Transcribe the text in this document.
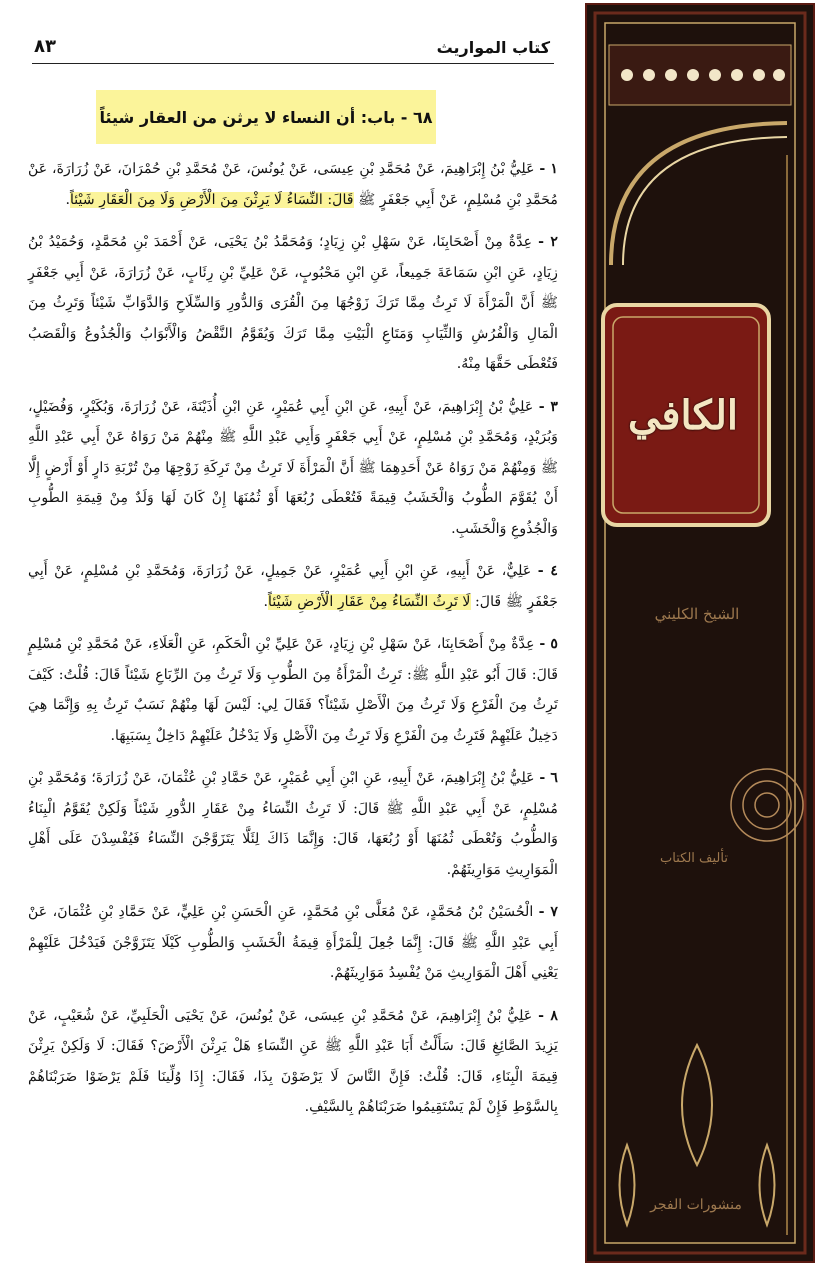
٨٣	كتاب المواريث
٦٨ - باب: أن النساء لا يرثن من العقار شيئاً

١ - عَلِيُّ بْنُ إِبْرَاهِيمَ، عَنْ مُحَمَّدِ بْنِ عِيسَى، عَنْ يُونُسَ، عَنْ مُحَمَّدِ بْنِ حُمْرَانَ، عَنْ زُرَارَةَ، عَنْ مُحَمَّدِ بْنِ مُسْلِمٍ، عَنْ أَبِي جَعْفَرٍ ﷺ قَالَ: النِّسَاءُ لَا يَرِثْنَ مِنَ الْأَرْضِ وَلَا مِنَ الْعَقَارِ شَيْئاً.

٢ - عِدَّةٌ مِنْ أَصْحَابِنَا، عَنْ سَهْلِ بْنِ زِيَادٍ؛ وَمُحَمَّدُ بْنُ يَحْيَى، عَنْ أَحْمَدَ بْنِ مُحَمَّدٍ، وَحُمَيْدُ بْنُ زِيَادٍ، عَنِ ابْنِ سَمَاعَةَ جَمِيعاً، عَنِ ابْنِ مَحْبُوبٍ، عَنْ عَلِيِّ بْنِ رِئَابٍ، عَنْ زُرَارَةَ، عَنْ أَبِي جَعْفَرٍ ﷺ أَنَّ الْمَرْأَةَ لَا تَرِثُ مِمَّا تَرَكَ زَوْجُهَا مِنَ الْقُرَى وَالدُّورِ وَالسِّلَاحِ وَالدَّوَابِّ شَيْئاً وَتَرِثُ مِنَ الْمَالِ وَالْفُرُشِ وَالثِّيَابِ وَمَتَاعِ الْبَيْتِ مِمَّا تَرَكَ وَيُقَوَّمُ النَّقْضُ وَالْأَبْوَابُ وَالْجُذُوعُ وَالْقَصَبُ فَتُعْطَى حَقَّهَا مِنْهُ.

٣ - عَلِيُّ بْنُ إِبْرَاهِيمَ، عَنْ أَبِيهِ، عَنِ ابْنِ أَبِي عُمَيْرٍ، عَنِ ابْنِ أُذَيْنَةَ، عَنْ زُرَارَةَ، وَبُكَيْرٍ، وَفُضَيْلٍ، وَبُرَيْدٍ، وَمُحَمَّدِ بْنِ مُسْلِمٍ، عَنْ أَبِي جَعْفَرٍ وَأَبِي عَبْدِ اللَّهِ ﷺ مِنْهُمْ مَنْ رَوَاهُ عَنْ أَبِي عَبْدِ اللَّهِ ﷺ وَمِنْهُمْ مَنْ رَوَاهُ عَنْ أَحَدِهِمَا ﷺ أَنَّ الْمَرْأَةَ لَا تَرِثُ مِنْ تَرِكَةِ زَوْجِهَا مِنْ تُرْبَةِ دَارٍ أَوْ أَرْضٍ إِلَّا أَنْ يُقَوَّمَ الطُّوبُ وَالْخَشَبُ قِيمَةً فَتُعْطَى رُبُعَهَا أَوْ ثُمُنَهَا إِنْ كَانَ لَهَا وَلَدٌ مِنْ قِيمَةِ الطُّوبِ وَالْجُذُوعِ وَالْخَشَبِ.

٤ - عَلِيٌّ، عَنْ أَبِيهِ، عَنِ ابْنِ أَبِي عُمَيْرٍ، عَنْ جَمِيلٍ، عَنْ زُرَارَةَ، وَمُحَمَّدِ بْنِ مُسْلِمٍ، عَنْ أَبِي جَعْفَرٍ ﷺ قَالَ: لَا تَرِثُ النِّسَاءُ مِنْ عَقَارِ الْأَرْضِ شَيْئاً.

٥ - عِدَّةٌ مِنْ أَصْحَابِنَا، عَنْ سَهْلِ بْنِ زِيَادٍ، عَنْ عَلِيِّ بْنِ الْحَكَمِ، عَنِ الْعَلَاءِ، عَنْ مُحَمَّدِ بْنِ مُسْلِمٍ قَالَ: قَالَ أَبُو عَبْدِ اللَّهِ ﷺ: تَرِثُ الْمَرْأَةُ مِنَ الطُّوبِ وَلَا تَرِثُ مِنَ الرِّبَاعِ شَيْئاً قَالَ: قُلْتُ: كَيْفَ تَرِثُ مِنَ الْفَرْعِ وَلَا تَرِثُ مِنَ الْأَصْلِ شَيْئاً؟ فَقَالَ لِي: لَيْسَ لَهَا مِنْهُمْ نَسَبٌ تَرِثُ بِهِ وَإِنَّمَا هِيَ دَخِيلٌ عَلَيْهِمْ فَتَرِثُ مِنَ الْفَرْعِ وَلَا تَرِثُ مِنَ الْأَصْلِ وَلَا يَدْخُلُ عَلَيْهِمْ دَاخِلٌ بِسَبَبِهَا.

٦ - عَلِيُّ بْنُ إِبْرَاهِيمَ، عَنْ أَبِيهِ، عَنِ ابْنِ أَبِي عُمَيْرٍ، عَنْ حَمَّادِ بْنِ عُثْمَانَ، عَنْ زُرَارَةَ؛ وَمُحَمَّدِ بْنِ مُسْلِمٍ، عَنْ أَبِي عَبْدِ اللَّهِ ﷺ قَالَ: لَا تَرِثُ النِّسَاءُ مِنْ عَقَارِ الدُّورِ شَيْئاً وَلَكِنْ يُقَوَّمُ الْبِنَاءُ وَالطُّوبُ وَتُعْطَى ثُمُنَهَا أَوْ رُبُعَهَا، قَالَ: وَإِنَّمَا ذَاكَ لِئَلَّا يَتَزَوَّجْنَ النِّسَاءُ فَيُفْسِدْنَ عَلَى أَهْلِ الْمَوَارِيثِ مَوَارِيثَهُمْ.

٧ - الْحُسَيْنُ بْنُ مُحَمَّدٍ، عَنْ مُعَلَّى بْنِ مُحَمَّدٍ، عَنِ الْحَسَنِ بْنِ عَلِيٍّ، عَنْ حَمَّادِ بْنِ عُثْمَانَ، عَنْ أَبِي عَبْدِ اللَّهِ ﷺ قَالَ: إِنَّمَا جُعِلَ لِلْمَرْأَةِ قِيمَةُ الْخَشَبِ وَالطُّوبِ كَيْلَا يَتَزَوَّجْنَ فَيَدْخُلَ عَلَيْهِمْ يَعْنِي أَهْلَ الْمَوَارِيثِ مَنْ يُفْسِدُ مَوَارِيثَهُمْ.

٨ - عَلِيُّ بْنُ إِبْرَاهِيمَ، عَنْ مُحَمَّدِ بْنِ عِيسَى، عَنْ يُونُسَ، عَنْ يَحْيَى الْحَلَبِيِّ، عَنْ شُعَيْبٍ، عَنْ يَزِيدَ الصَّائِغِ قَالَ: سَأَلْتُ أَبَا عَبْدِ اللَّهِ ﷺ عَنِ النِّسَاءِ هَلْ يَرِثْنَ الْأَرْضَ؟ فَقَالَ: لَا وَلَكِنْ يَرِثْنَ قِيمَةَ الْبِنَاءِ، قَالَ: قُلْتُ: فَإِنَّ النَّاسَ لَا يَرْضَوْنَ بِذَا، فَقَالَ: إِذَا وُلِّينَا فَلَمْ يَرْضَوْا ضَرَبْنَاهُمْ بِالسَّوْطِ فَإِنْ لَمْ يَسْتَقِيمُوا ضَرَبْنَاهُمْ بِالسَّيْفِ.

الكافي
الشيخ الكليني
تأليف الكتاب
منشورات الفجر
